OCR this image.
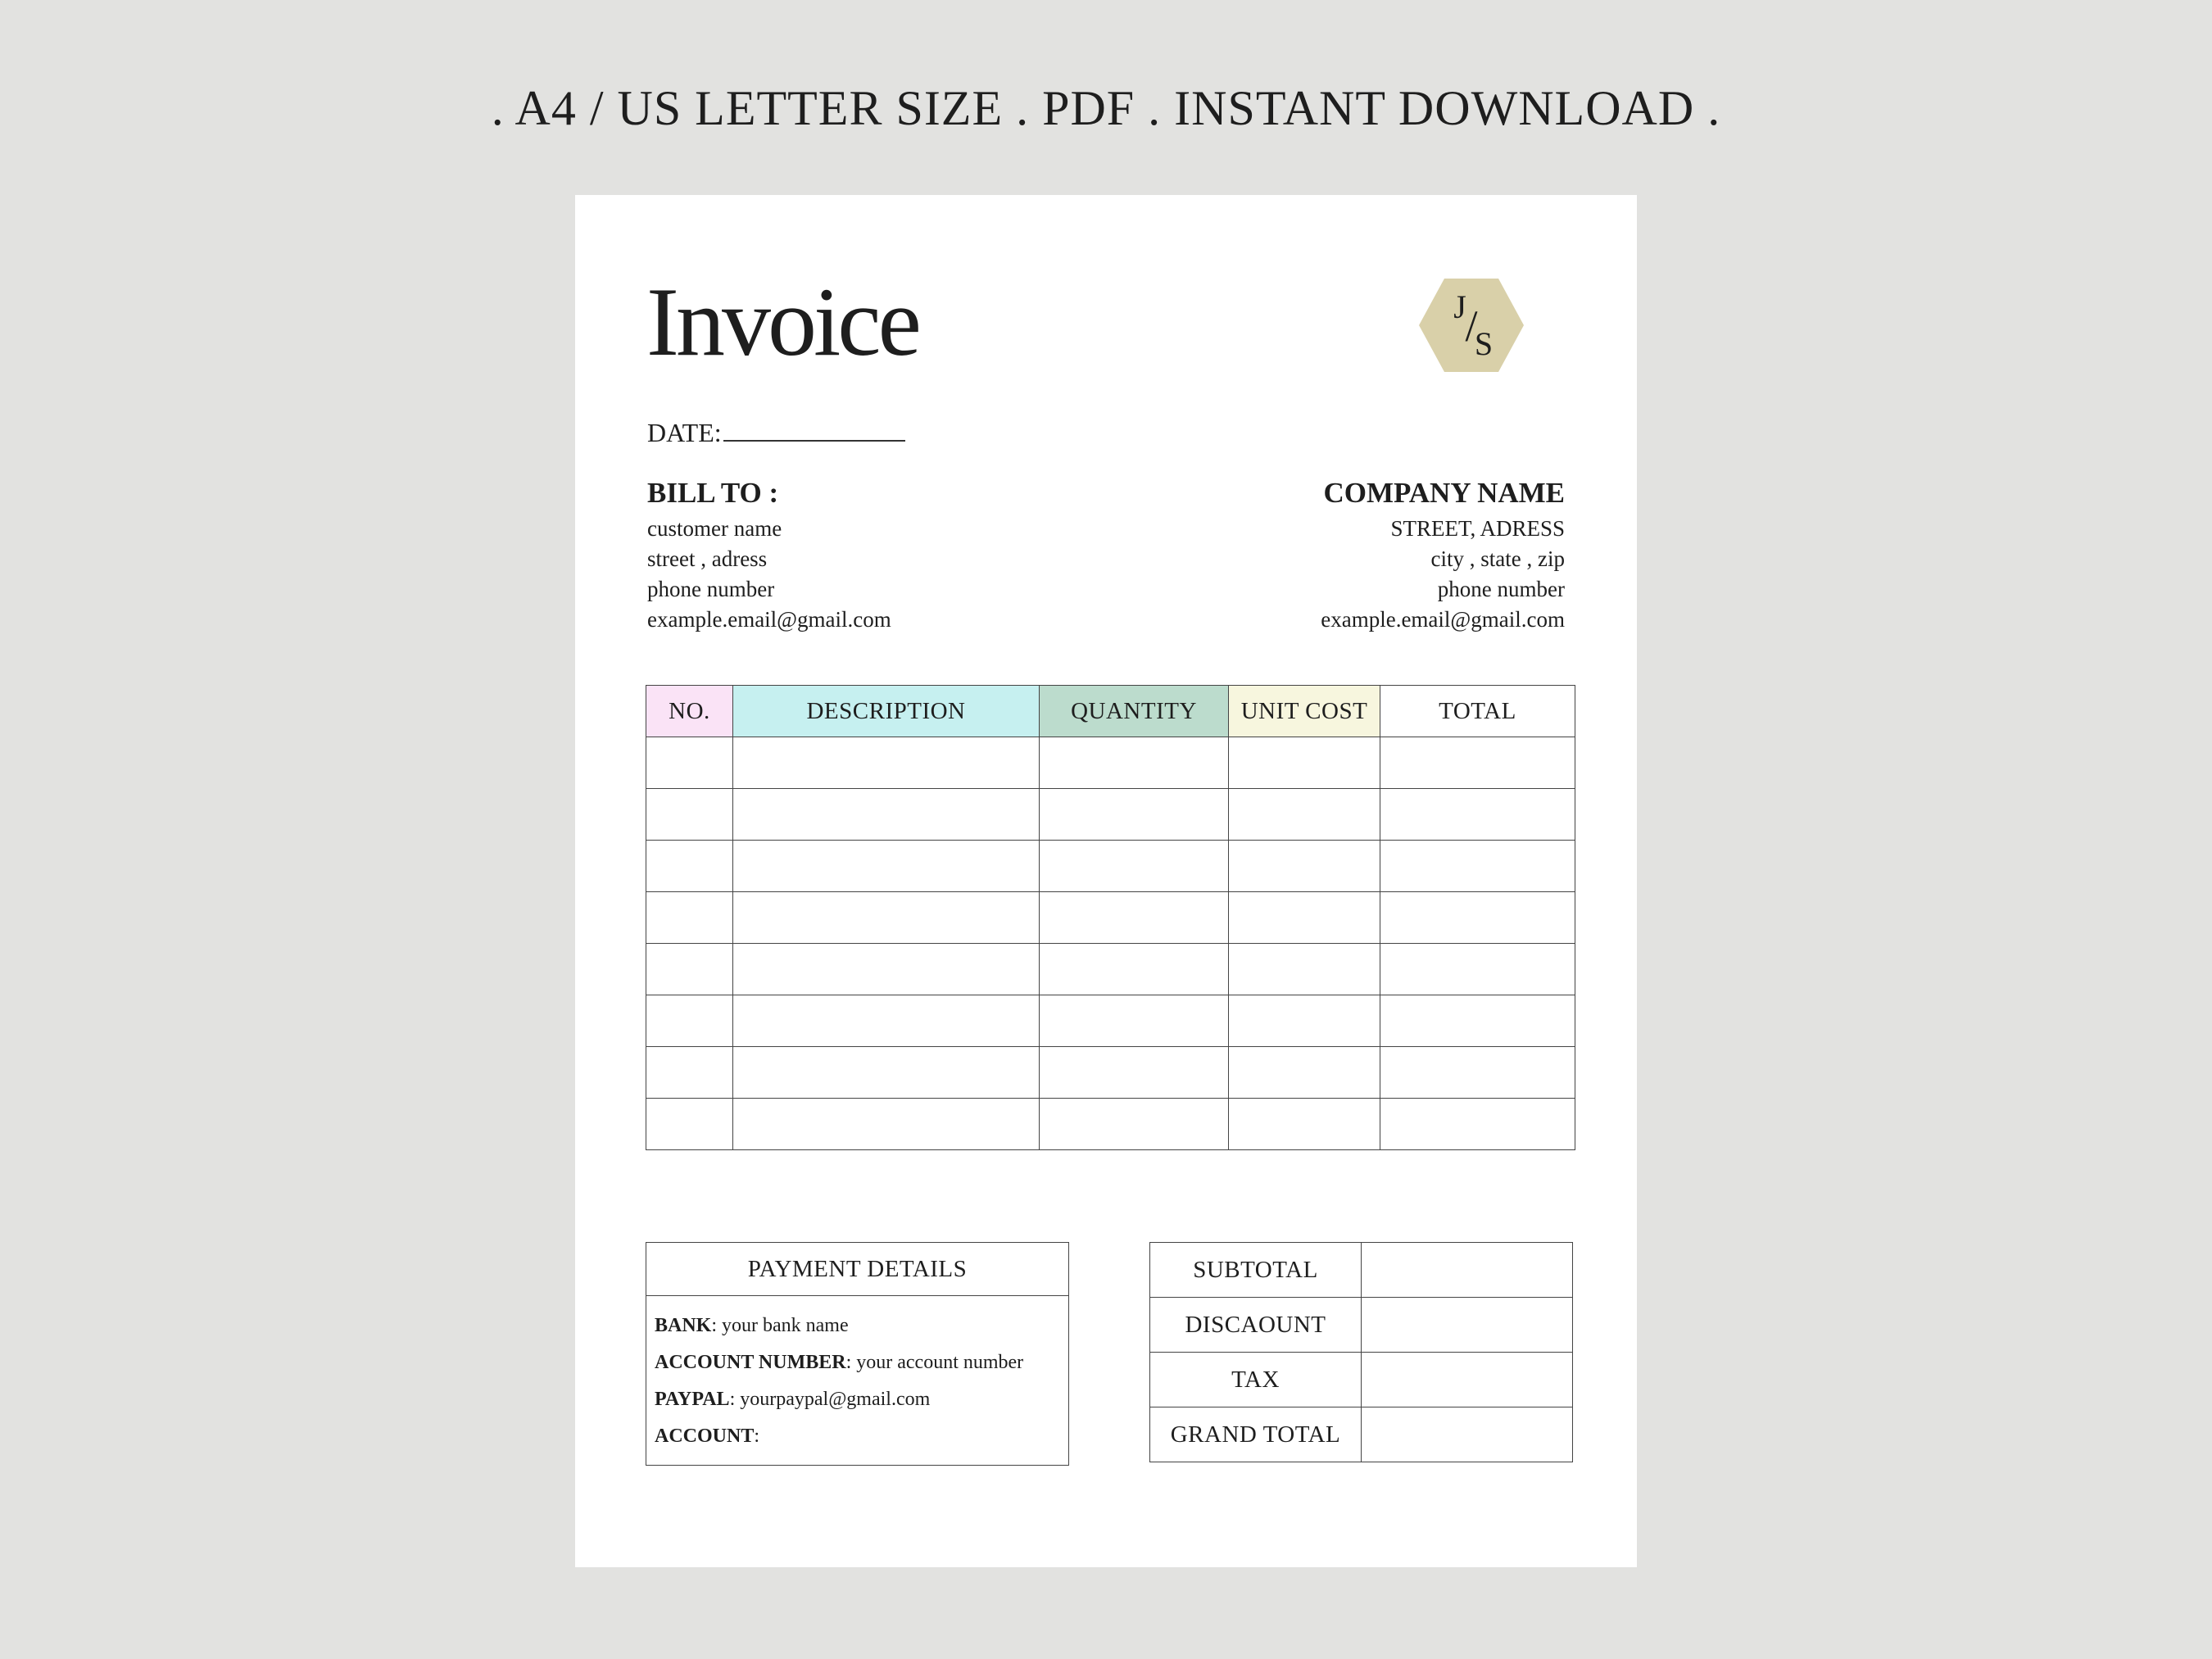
. A4 / US LETTER SIZE . PDF . INSTANT DOWNLOAD .
Invoice	J
/
S
DATE:
BILL TO :
customer name
street , adress
phone number
example.email@gmail.com
COMPANY NAME
STREET, ADRESS
city , state , zip
phone number
example.email@gmail.com
NO.	DESCRIPTION	QUANTITY	UNIT COST	TOTAL

PAYMENT DETAILS
BANK: your bank name
ACCOUNT NUMBER: your account number
PAYPAL: yourpaypal@gmail.com
ACCOUNT:
SUBTOTAL	
DISCAOUNT	
TAX	
GRAND TOTAL	
